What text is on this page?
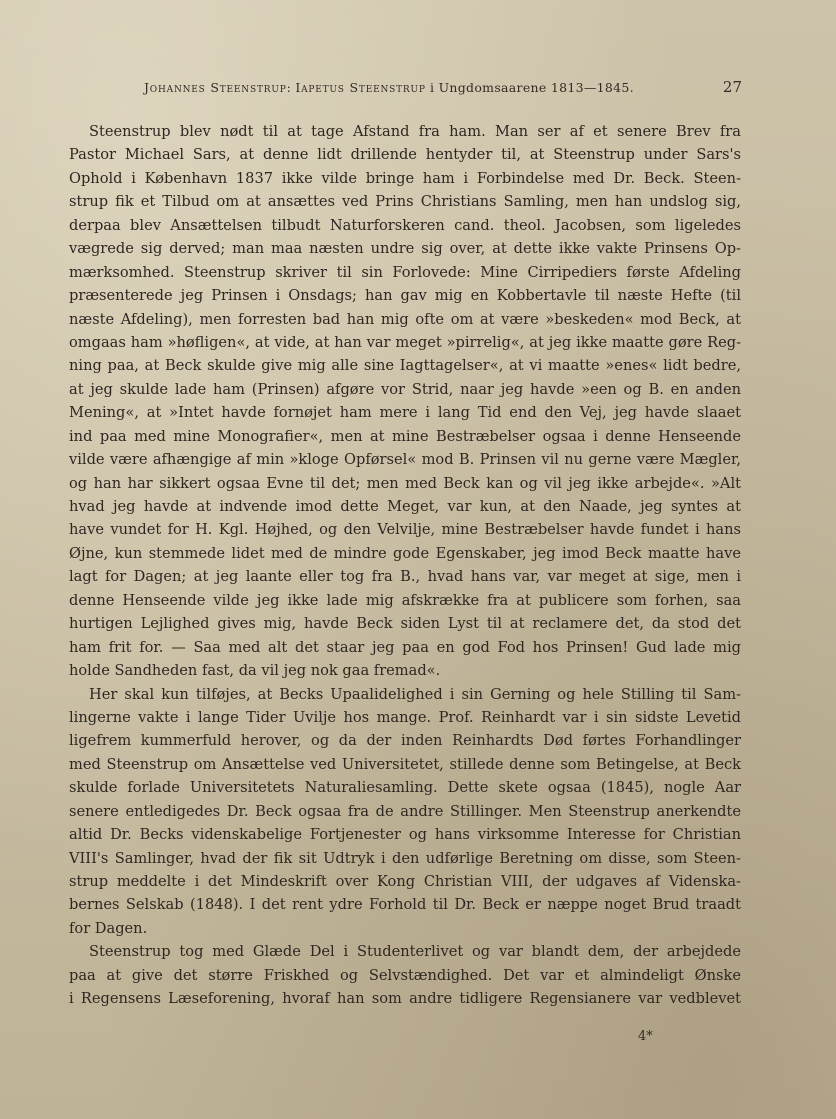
Johannes Steenstrup: Iapetus Steenstrup i Ungdomsaarene 1813—1845.	27
Steenstrup blev nødt til at tage Afstand fra ham. Man ser af et senere Brev fra
Pastor Michael Sars, at denne lidt drillende hentyder til, at Steenstrup under Sars's
Ophold i København 1837 ikke vilde bringe ham i Forbindelse med Dr. Beck. Steen-
strup fik et Tilbud om at ansættes ved Prins Christians Samling, men han undslog sig,
derpaa blev Ansættelsen tilbudt Naturforskeren cand. theol. Jacobsen, som ligeledes
vægrede sig derved; man maa næsten undre sig over, at dette ikke vakte Prinsens Op-
mærksomhed. Steenstrup skriver til sin Forlovede: Mine Cirripediers første Afdeling
præsenterede jeg Prinsen i Onsdags; han gav mig en Kobbertavle til næste Hefte (til
næste Afdeling), men forresten bad han mig ofte om at være »beskeden« mod Beck, at
omgaas ham »høfligen«, at vide, at han var meget »pirrelig«, at jeg ikke maatte gøre Reg-
ning paa, at Beck skulde give mig alle sine Iagttagelser«, at vi maatte »enes« lidt bedre,
at jeg skulde lade ham (Prinsen) afgøre vor Strid, naar jeg havde »een og B. en anden
Mening«, at »Intet havde fornøjet ham mere i lang Tid end den Vej, jeg havde slaaet
ind paa med mine Monografier«, men at mine Bestræbelser ogsaa i denne Henseende
vilde være afhængige af min »kloge Opførsel« mod B. Prinsen vil nu gerne være Mægler,
og han har sikkert ogsaa Evne til det; men med Beck kan og vil jeg ikke arbejde«. »Alt
hvad jeg havde at indvende imod dette Meget, var kun, at den Naade, jeg syntes at
have vundet for H. Kgl. Højhed, og den Velvilje, mine Bestræbelser havde fundet i hans
Øjne, kun stemmede lidet med de mindre gode Egenskaber, jeg imod Beck maatte have
lagt for Dagen; at jeg laante eller tog fra B., hvad hans var, var meget at sige, men i
denne Henseende vilde jeg ikke lade mig afskrække fra at publicere som forhen, saa
hurtigen Lejlighed gives mig, havde Beck siden Lyst til at reclamere det, da stod det
ham frit for. — Saa med alt det staar jeg paa en god Fod hos Prinsen! Gud lade mig
holde Sandheden fast, da vil jeg nok gaa fremad«.
Her skal kun tilføjes, at Becks Upaalidelighed i sin Gerning og hele Stilling til Sam-
lingerne vakte i lange Tider Uvilje hos mange. Prof. Reinhardt var i sin sidste Levetid
ligefrem kummerfuld herover, og da der inden Reinhardts Død førtes Forhandlinger
med Steenstrup om Ansættelse ved Universitetet, stillede denne som Betingelse, at Beck
skulde forlade Universitetets Naturaliesamling. Dette skete ogsaa (1845), nogle Aar
senere entledigedes Dr. Beck ogsaa fra de andre Stillinger. Men Steenstrup anerkendte
altid Dr. Becks videnskabelige Fortjenester og hans virksomme Interesse for Christian
VIII's Samlinger, hvad der fik sit Udtryk i den udførlige Beretning om disse, som Steen-
strup meddelte i det Mindeskrift over Kong Christian VIII, der udgaves af Videnska-
bernes Selskab (1848). I det rent ydre Forhold til Dr. Beck er næppe noget Brud traadt
for Dagen.
Steenstrup tog med Glæde Del i Studenterlivet og var blandt dem, der arbejdede
paa at give det større Friskhed og Selvstændighed. Det var et almindeligt Ønske
i Regensens Læseforening, hvoraf han som andre tidligere Regensianere var vedblevet
4*
